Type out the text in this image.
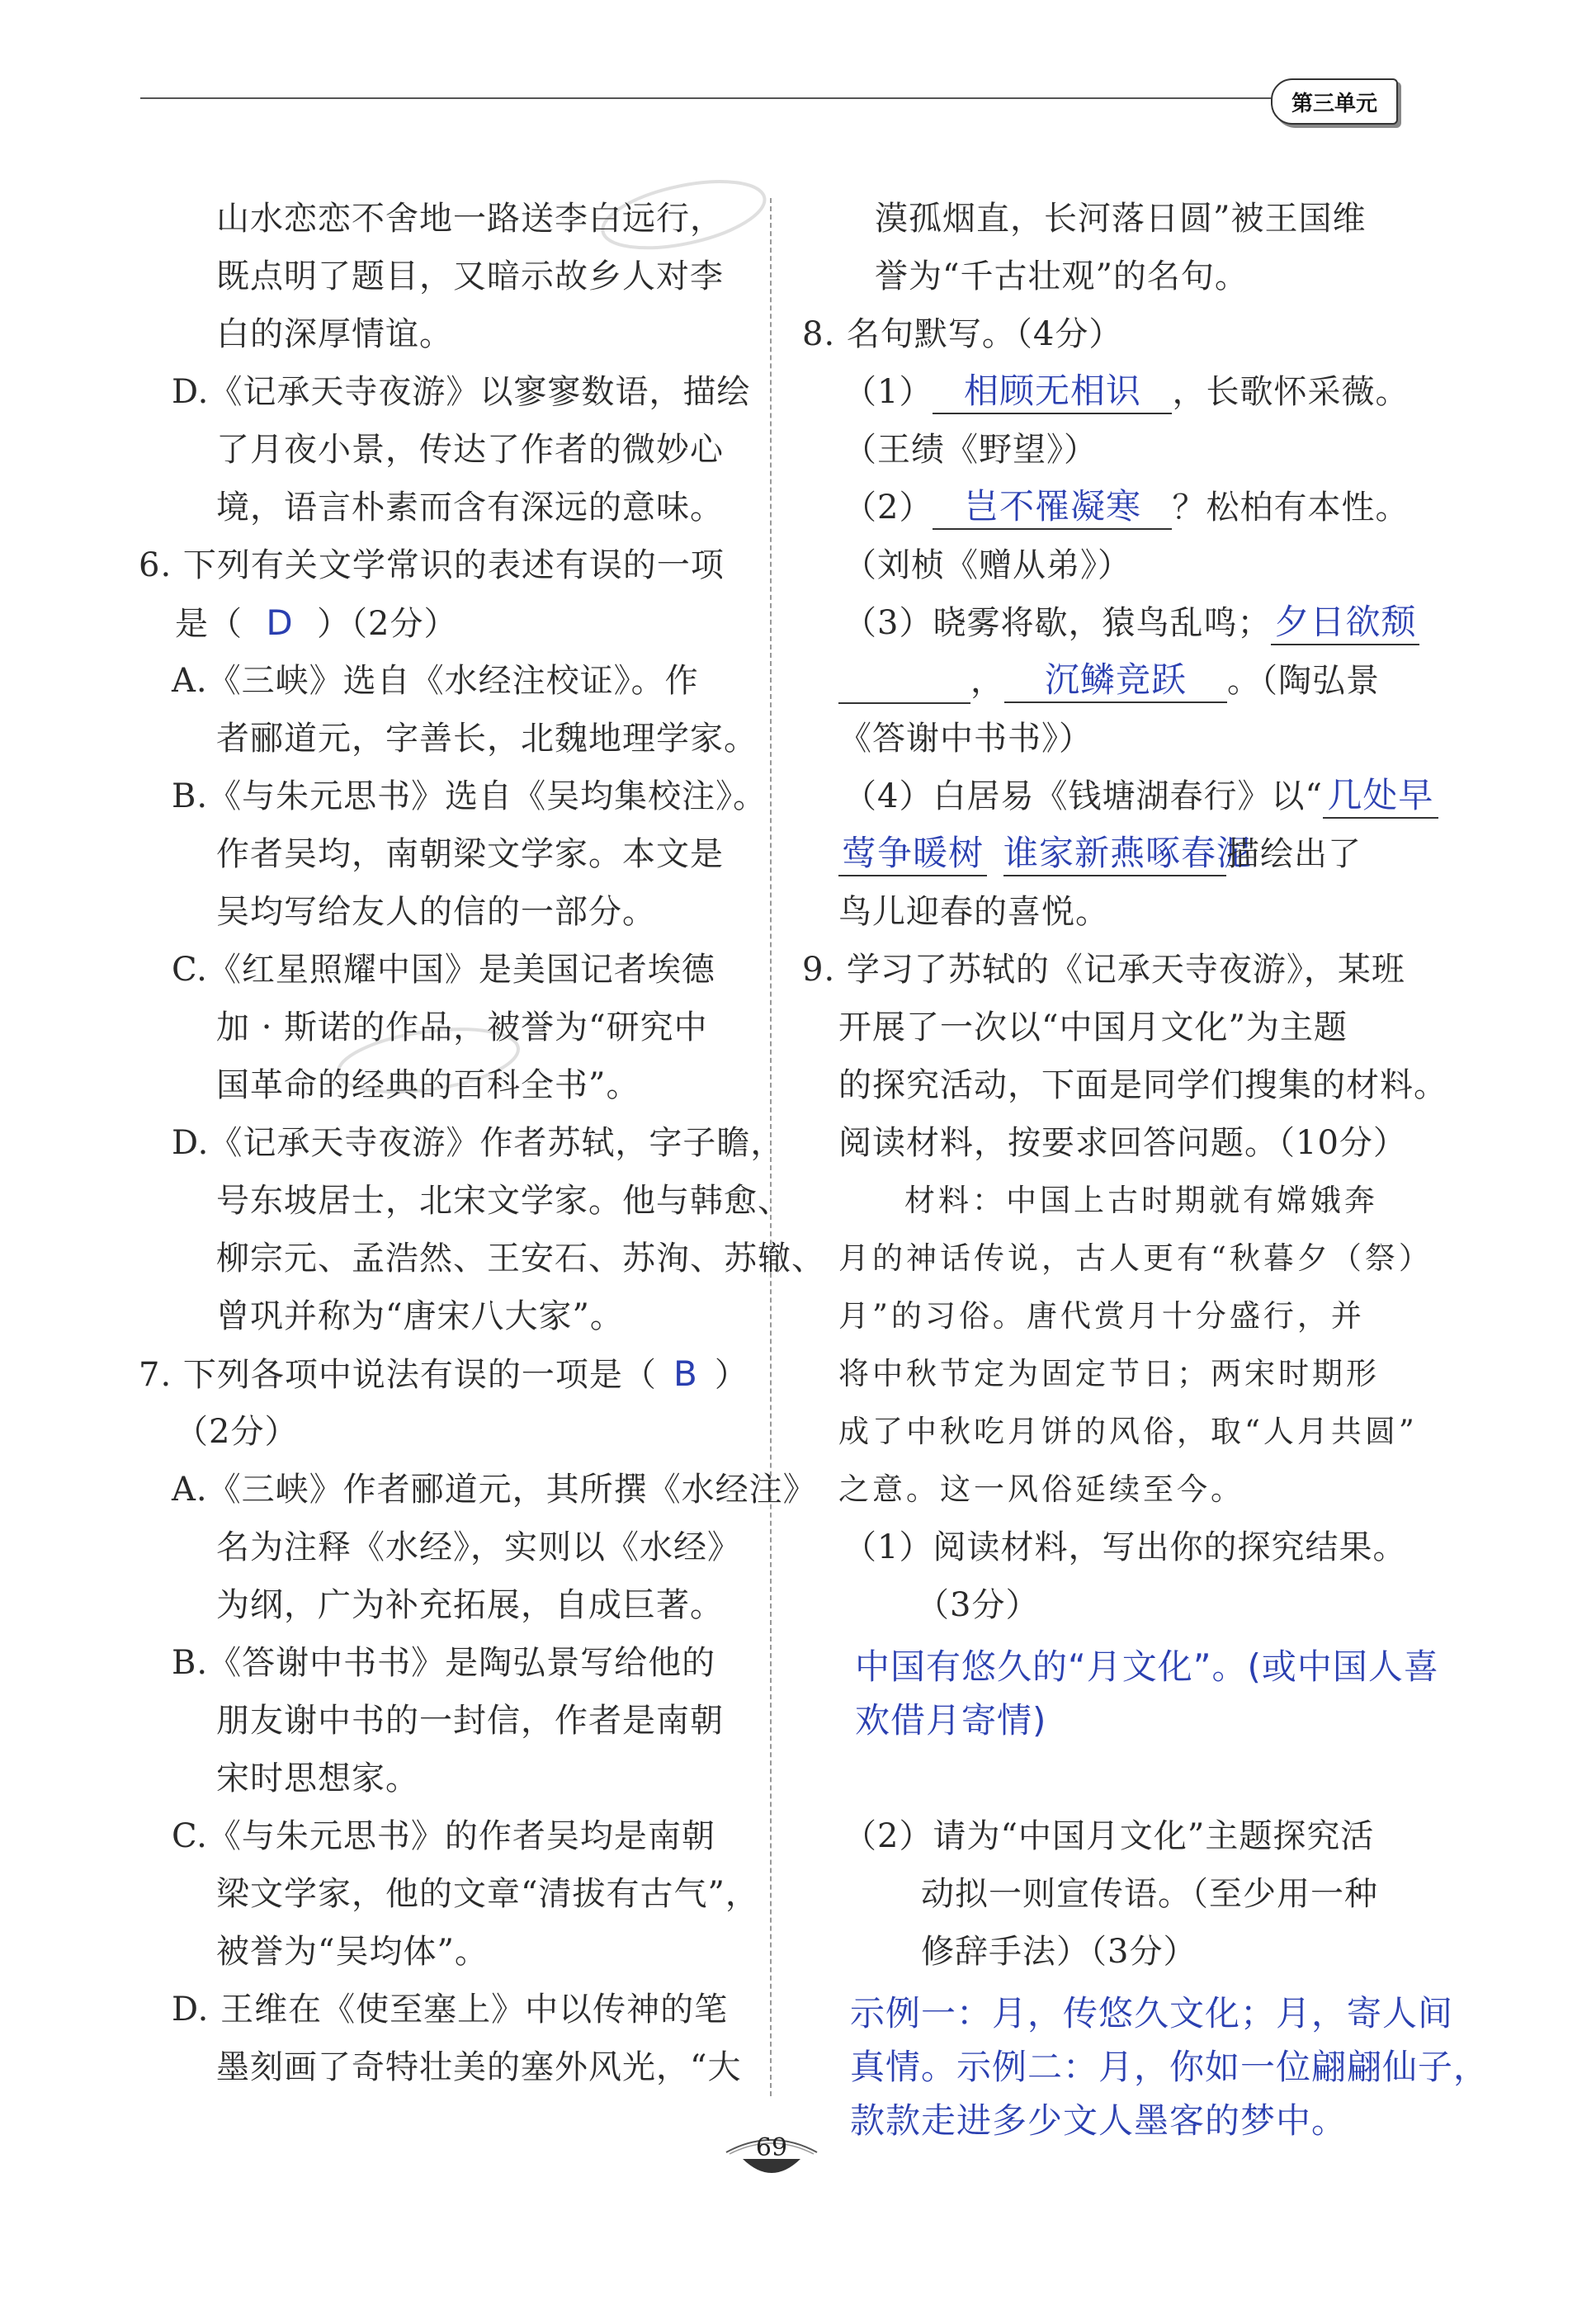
第三单元
山水恋恋不舍地一路送李白远行，
既点明了题目，又暗示故乡人对李
白的深厚情谊。
D.《记承天寺夜游》以寥寥数语，描绘
了月夜小景，传达了作者的微妙心
境，语言朴素而含有深远的意味。
6. 下列有关文学常识的表述有误的一项
是（ D ）（2分）
A.《三峡》选自《水经注校证》。作
者郦道元，字善长，北魏地理学家。
B.《与朱元思书》选自《吴均集校注》。
作者吴均，南朝梁文学家。本文是
吴均写给友人的信的一部分。
C.《红星照耀中国》是美国记者埃德
加 · 斯诺的作品，被誉为“研究中
国革命的经典的百科全书”。
D.《记承天寺夜游》作者苏轼，字子瞻，
号东坡居士，北宋文学家。他与韩愈、
柳宗元、孟浩然、王安石、苏洵、苏辙、
曾巩并称为“唐宋八大家”。
7. 下列各项中说法有误的一项是（ B ）
（2分）
A.《三峡》作者郦道元，其所撰《水经注》
名为注释《水经》，实则以《水经》
为纲，广为补充拓展，自成巨著。
B.《答谢中书书》是陶弘景写给他的
朋友谢中书的一封信，作者是南朝
宋时思想家。
C.《与朱元思书》的作者吴均是南朝
梁文学家，他的文章“清拔有古气”，
被誉为“吴均体”。
D. 王维在《使至塞上》中以传神的笔
墨刻画了奇特壮美的塞外风光，“大
漠孤烟直，长河落日圆”被王国维
誉为“千古壮观”的名句。
8. 名句默写。（4分）
（1） 相顾无相识 ，长歌怀采薇。
（王绩《野望》）
（2） 岂不罹凝寒 ？松柏有本性。
（刘桢《赠从弟》）
（3）晓雾将歇，猿鸟乱鸣；夕日欲颓
， 沉鳞竞跃 。（陶弘景
《答谢中书书》）
（4）白居易《钱塘湖春行》以“ 几处早
莺争暖树 谁家新燕啄春泥描绘出了
鸟儿迎春的喜悦。
9. 学习了苏轼的《记承天寺夜游》，某班
开展了一次以“中国月文化”为主题
的探究活动，下面是同学们搜集的材料。
阅读材料，按要求回答问题。（10分）
材料：中国上古时期就有嫦娥奔
月的神话传说，古人更有“秋暮夕（祭）
月”的习俗。唐代赏月十分盛行，并
将中秋节定为固定节日；两宋时期形
成了中秋吃月饼的风俗，取“人月共圆”
之意。这一风俗延续至今。
（1）阅读材料，写出你的探究结果。
（3分）
中国有悠久的“月文化”。(或中国人喜
欢借月寄情)
（2）请为“中国月文化”主题探究活
动拟一则宣传语。（至少用一种
修辞手法）（3分）
示例一：月，传悠久文化；月，寄人间
真情。示例二：月，你如一位翩翩仙子，
款款走进多少文人墨客的梦中。
69
